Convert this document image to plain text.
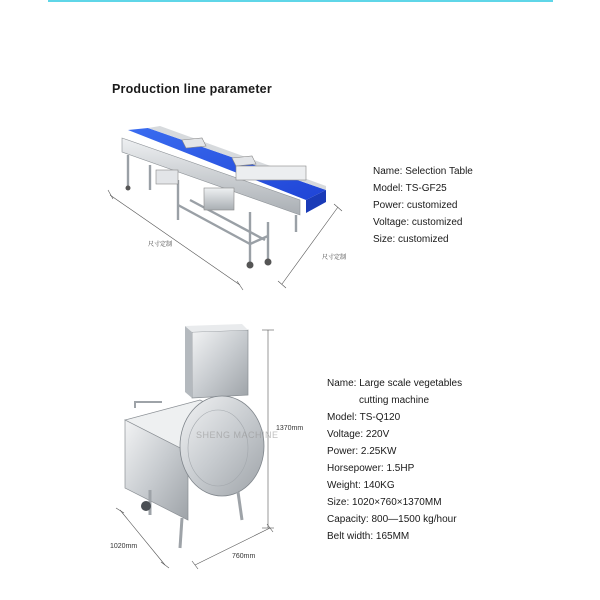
Production line parameter
尺寸定制
尺寸定制
1370mm
1020mm
760mm
SHENG MACHINE
Name: Selection Table
Model: TS-GF25
Power: customized
Voltage: customized
Size: customized
Name: Large scale vegetables
cutting machine
Model: TS-Q120
Voltage: 220V
Power: 2.25KW
Horsepower: 1.5HP
Weight: 140KG
Size: 1020×760×1370MM
Capacity: 800—1500 kg/hour
Belt width: 165MM
